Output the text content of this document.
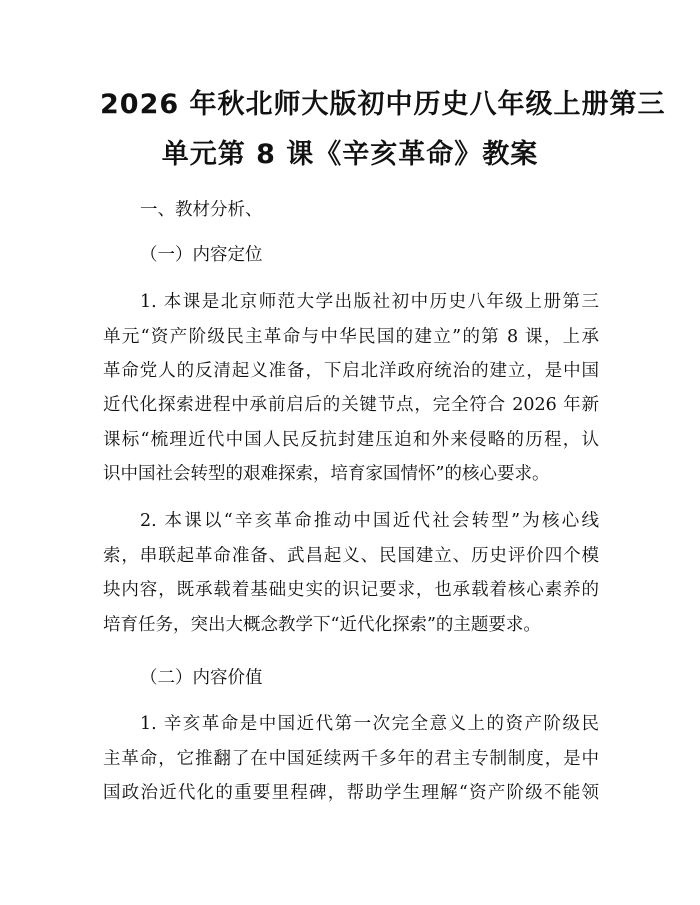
2026 年秋北师大版初中历史八年级上册第三
单元第 8 课《辛亥革命》教案
一、教材分析、
（一）内容定位
1. 本课是北京师范大学出版社初中历史八年级上册第三
单元“资产阶级民主革命与中华民国的建立”的第 8 课，上承
革命党人的反清起义准备，下启北洋政府统治的建立，是中国
近代化探索进程中承前启后的关键节点，完全符合 2026 年新
课标“梳理近代中国人民反抗封建压迫和外来侵略的历程，认
识中国社会转型的艰难探索，培育家国情怀”的核心要求。
2. 本课以“辛亥革命推动中国近代社会转型”为核心线
索，串联起革命准备、武昌起义、民国建立、历史评价四个模
块内容，既承载着基础史实的识记要求，也承载着核心素养的
培育任务，突出大概念教学下“近代化探索”的主题要求。
（二）内容价值
1. 辛亥革命是中国近代第一次完全意义上的资产阶级民
主革命，它推翻了在中国延续两千多年的君主专制制度，是中
国政治近代化的重要里程碑，帮助学生理解“资产阶级不能领
